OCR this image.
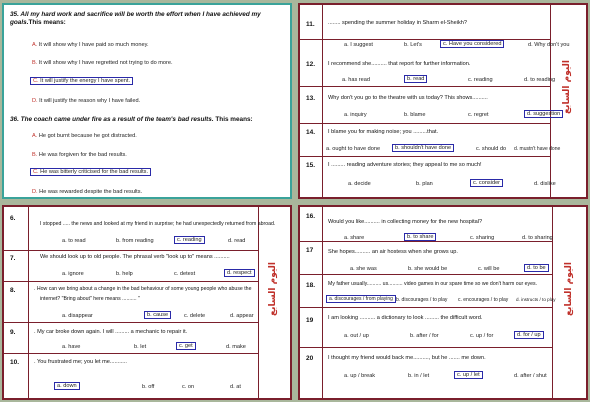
35. All my hard work and sacrifice will be worth the effort when I have achieved my goals.This means:
A. It will show why I have paid so much money.
B. It will show why I have regretted not trying to do more.
C. It will justify the energy I have spent.
D. It will justify the reason why I have failed.
36. The coach came under fire as a result of the team's bad results. This means:
A. He got burnt because he got distracted.
B. He was forgiven for the bad results.
C. He was bitterly criticised for the bad results.
D. He was rewarded despite the bad results.
اليوم السابع
11. ........ spending the summer holiday in Sharm el-Sheikh?
a. I suggest	b. Let's	c. Have you considered	d. Why don't you
12. I recommend she.......... that report for further information.
a. has read	b. read	c. reading	d. to reading
13. Why don't you go to the theatre with us today? This shows..........
a. inquiry	b. blame	c. regret	d. suggestion
14. I blame you for making noise; you .........that.
a. ought to have done	b. shouldn't have done	c. should do d. mustn't have done
15. I ......... reading adventure stories; they appeal to me so much!
a. decide	b. plan	c. consider	d. dislike
اليوم السابع
6.
I stopped ..... the news and looked at my friend in surprise; he had unexpectedly returned from abroad.
a. to read	b. from reading	c. reading	d. read
7.	We should look up to old people. The phrasal verb "look up to" means ..........
a. ignore	b. help	c. detest	d. respect
8.	. How can we bring about a change in the bad behaviour of some young people who abuse the
internet? "Bring about" here means .......... "
a. disappear	b. cause	c. delete	d. appear
9.	. My car broke down again. I will ......... a mechanic to repair it.
a. have	b. let	c. get	d. make
10.	. You frustrated me; you let me...........
a. down	b. off	c. on	d. at
اليوم السابع
16.
Would you like.......... in collecting money for the new hospital?
a. share	b. to share	c. sharing	d. to sharing
17	She hopes.......... an air hostess when she grows up.
a. she was	b. she would be	c. will be	d. to be
18. My father usually.......... us.......... video games in our spare time so we don't harm our eyes.
a. discourages / from playing b. discourages / to play c. encourages / to play d. instructs / to play
19	I am looking .......... a dictionary to look ......... the difficult word.
a. out / up	b. after / for	c. up / for	d. for / up
20	I thought my friend would back me.........., but he ....... me down.
a. up / break	b. in / let	c. up / let	d. after / shut
